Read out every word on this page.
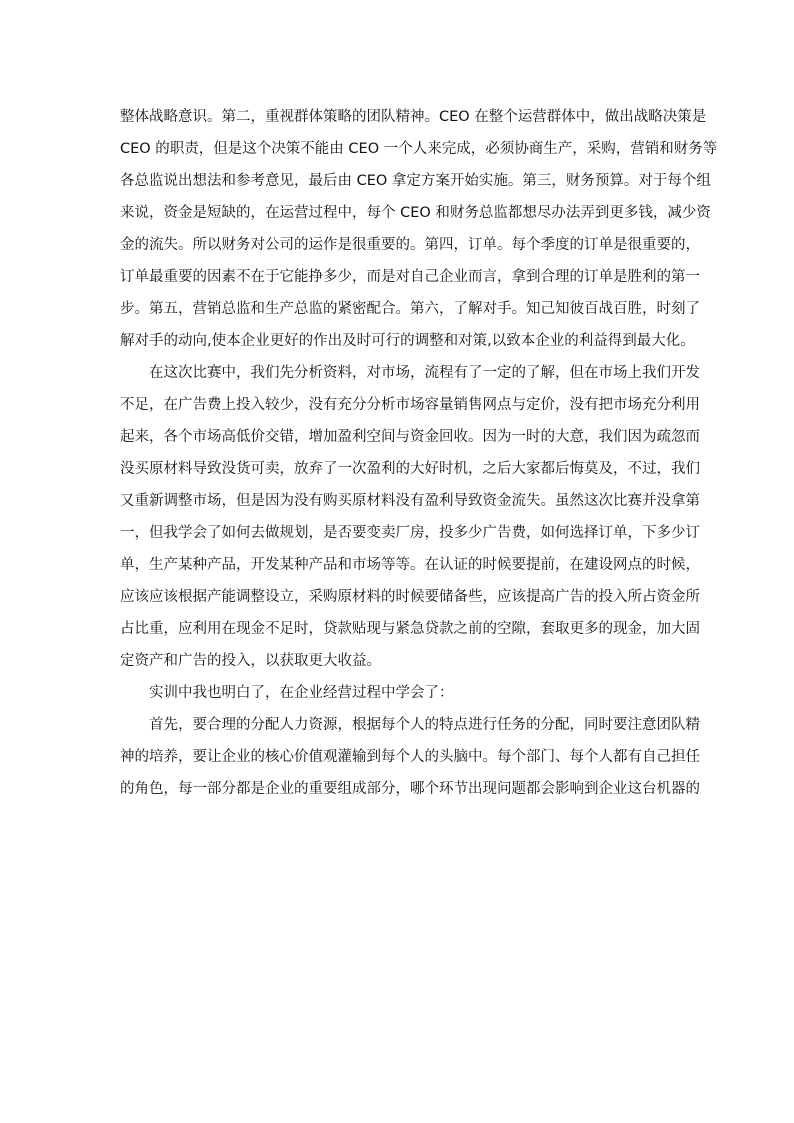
整体战略意识。第二，重视群体策略的团队精神。CEO 在整个运营群体中，做出战略决策是
CEO 的职责，但是这个决策不能由 CEO 一个人来完成，必须协商生产，采购，营销和财务等
各总监说出想法和参考意见，最后由 CEO 拿定方案开始实施。第三，财务预算。对于每个组
来说，资金是短缺的，在运营过程中，每个 CEO 和财务总监都想尽办法弄到更多钱，减少资
金的流失。所以财务对公司的运作是很重要的。第四，订单。每个季度的订单是很重要的，
订单最重要的因素不在于它能挣多少，而是对自己企业而言，拿到合理的订单是胜利的第一
步。第五，营销总监和生产总监的紧密配合。第六，了解对手。知己知彼百战百胜，时刻了
解对手的动向,使本企业更好的作出及时可行的调整和对策,以致本企业的利益得到最大化。
在这次比赛中，我们先分析资料，对市场，流程有了一定的了解，但在市场上我们开发
不足，在广告费上投入较少，没有充分分析市场容量销售网点与定价，没有把市场充分利用
起来，各个市场高低价交错，增加盈利空间与资金回收。因为一时的大意，我们因为疏忽而
没买原材料导致没货可卖，放弃了一次盈利的大好时机，之后大家都后悔莫及，不过，我们
又重新调整市场，但是因为没有购买原材料没有盈利导致资金流失。虽然这次比赛并没拿第
一，但我学会了如何去做规划，是否要变卖厂房，投多少广告费，如何选择订单，下多少订
单，生产某种产品，开发某种产品和市场等等。在认证的时候要提前，在建设网点的时候，
应该应该根据产能调整设立，采购原材料的时候要储备些，应该提高广告的投入所占资金所
占比重，应利用在现金不足时，贷款贴现与紧急贷款之前的空隙，套取更多的现金，加大固
定资产和广告的投入，以获取更大收益。
实训中我也明白了，在企业经营过程中学会了：
首先，要合理的分配人力资源，根据每个人的特点进行任务的分配，同时要注意团队精
神的培养，要让企业的核心价值观灌输到每个人的头脑中。每个部门、每个人都有自己担任
的角色，每一部分都是企业的重要组成部分，哪个环节出现问题都会影响到企业这台机器的
